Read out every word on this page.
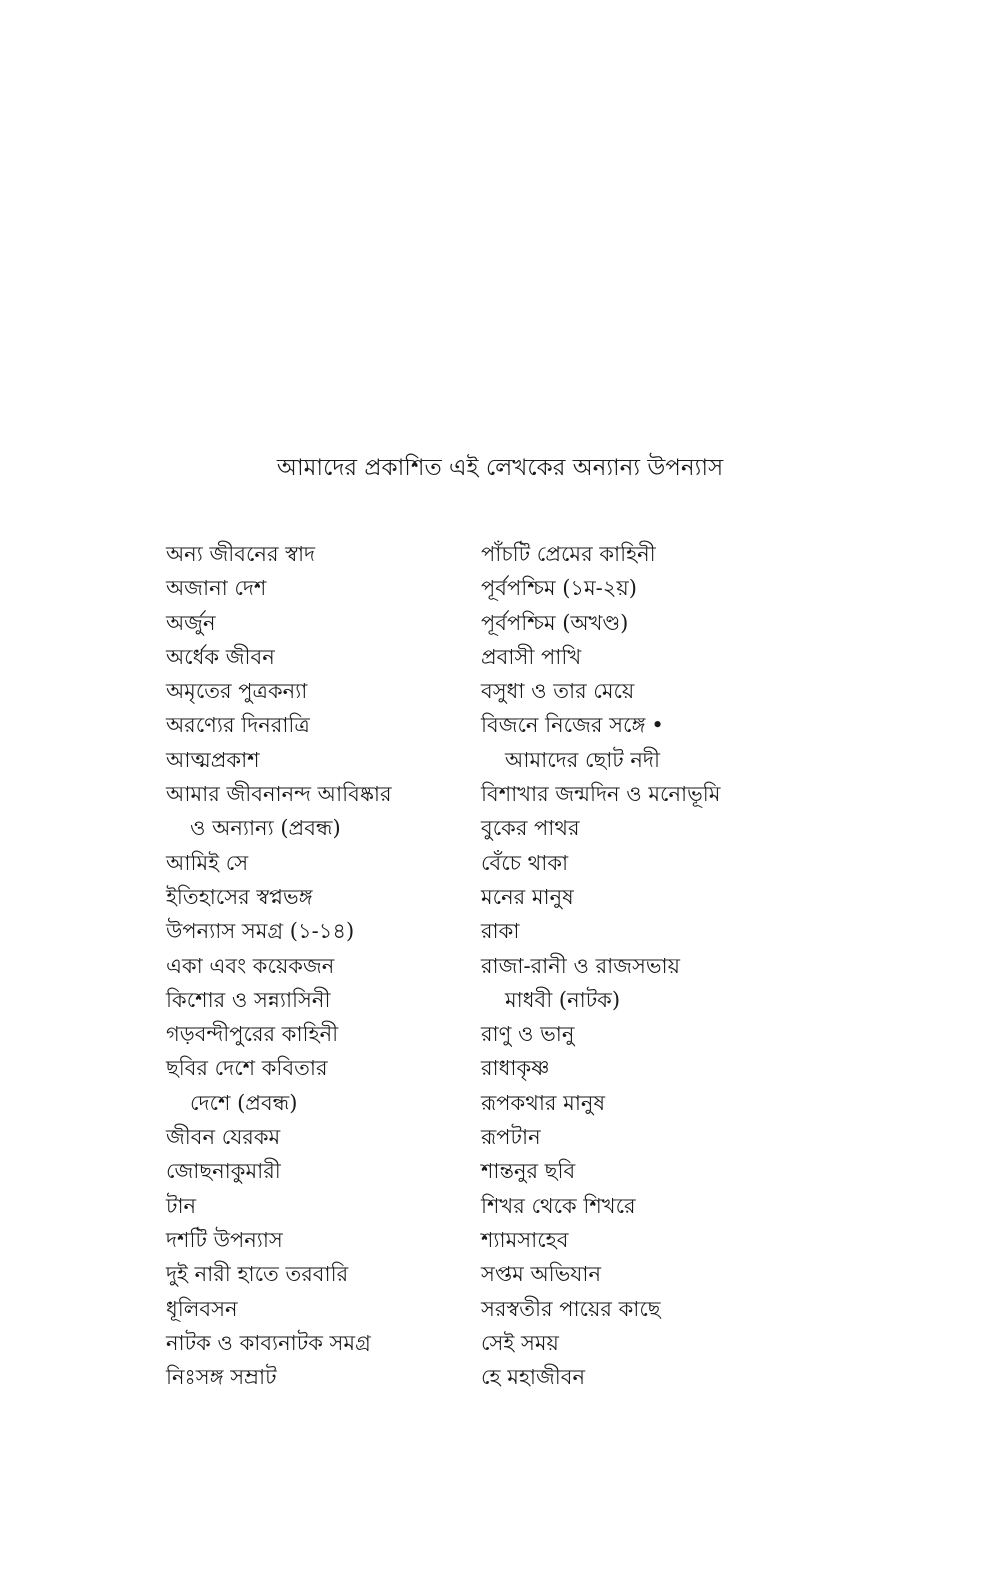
আমাদের প্রকাশিত এই লেখকের অন্যান্য উপন্যাস
অন্য জীবনের স্বাদ
অজানা দেশ
অর্জুন
অর্ধেক জীবন
অমৃতের পুত্রকন্যা
অরণ্যের দিনরাত্রি
আত্মপ্রকাশ
আমার জীবনানন্দ আবিষ্কার
ও অন্যান্য (প্রবন্ধ)
আমিই সে
ইতিহাসের স্বপ্নভঙ্গ
উপন্যাস সমগ্র (১-১৪)
একা এবং কয়েকজন
কিশোর ও সন্ন্যাসিনী
গড়বন্দীপুরের কাহিনী
ছবির দেশে কবিতার
দেশে (প্রবন্ধ)
জীবন যেরকম
জোছনাকুমারী
টান
দশটি উপন্যাস
দুই নারী হাতে তরবারি
ধূলিবসন
নাটক ও কাব্যনাটক সমগ্র
নিঃসঙ্গ সম্রাট
পাঁচটি প্রেমের কাহিনী
পূর্বপশ্চিম (১ম-২য়)
পূর্বপশ্চিম (অখণ্ড)
প্রবাসী পাখি
বসুধা ও তার মেয়ে
বিজনে নিজের সঙ্গে •
আমাদের ছোট নদী
বিশাখার জন্মদিন ও মনোভূমি
বুকের পাথর
বেঁচে থাকা
মনের মানুষ
রাকা
রাজা-রানী ও রাজসভায়
মাধবী (নাটক)
রাণু ও ভানু
রাধাকৃষ্ণ
রূপকথার মানুষ
রূপটান
শান্তনুর ছবি
শিখর থেকে শিখরে
শ্যামসাহেব
সপ্তম অভিযান
সরস্বতীর পায়ের কাছে
সেই সময়
হে মহাজীবন
